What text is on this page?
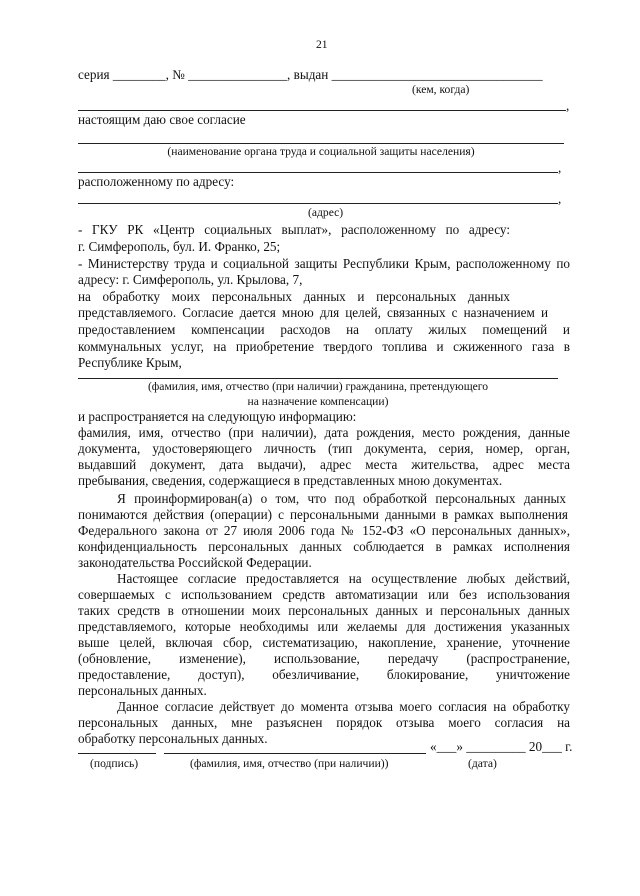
21
серия ________, № _______________, выдан ________________________________
(кем, когда)
,
настоящим даю свое согласие
(наименование органа труда и социальной защиты населения)
,
расположенному по адресу:
,
(адрес)
- ГКУ РК «Центр социальных выплат», расположенному по адресу:
г. Симферополь, бул. И. Франко, 25;
- Министерству труда и социальной защиты Республики Крым, расположенному по
адресу: г. Симферополь, ул. Крылова, 7,
на обработку моих персональных данных и персональных данных
представляемого. Согласие дается мною для целей, связанных с назначением и
предоставлением компенсации расходов на оплату жилых помещений и
коммунальных услуг, на приобретение твердого топлива и сжиженного газа в
Республике Крым,
(фамилия, имя, отчество (при наличии) гражданина, претендующего
на назначение компенсации)
и распространяется на следующую информацию:
фамилия, имя, отчество (при наличии), дата рождения, место рождения, данные
документа, удостоверяющего личность (тип документа, серия, номер, орган,
выдавший документ, дата выдачи), адрес места жительства, адрес места
пребывания, сведения, содержащиеся в представленных мною документах.
Я проинформирован(а) о том, что под обработкой персональных данных
понимаются действия (операции) с персональными данными в рамках выполнения
Федерального закона от 27 июля 2006 года № 152-ФЗ «О персональных данных»,
конфиденциальность персональных данных соблюдается в рамках исполнения
законодательства Российской Федерации.
Настоящее согласие предоставляется на осуществление любых действий,
совершаемых с использованием средств автоматизации или без использования
таких средств в отношении моих персональных данных и персональных данных
представляемого, которые необходимы или желаемы для достижения указанных
выше целей, включая сбор, систематизацию, накопление, хранение, уточнение
(обновление, изменение), использование, передачу (распространение,
предоставление, доступ), обезличивание, блокирование, уничтожение
персональных данных.
Данное согласие действует до момента отзыва моего согласия на обработку
персональных данных, мне разъяснен порядок отзыва моего согласия на
обработку персональных данных.
«___» _________ 20___ г.
(подпись)	(фамилия, имя, отчество (при наличии))	(дата)
